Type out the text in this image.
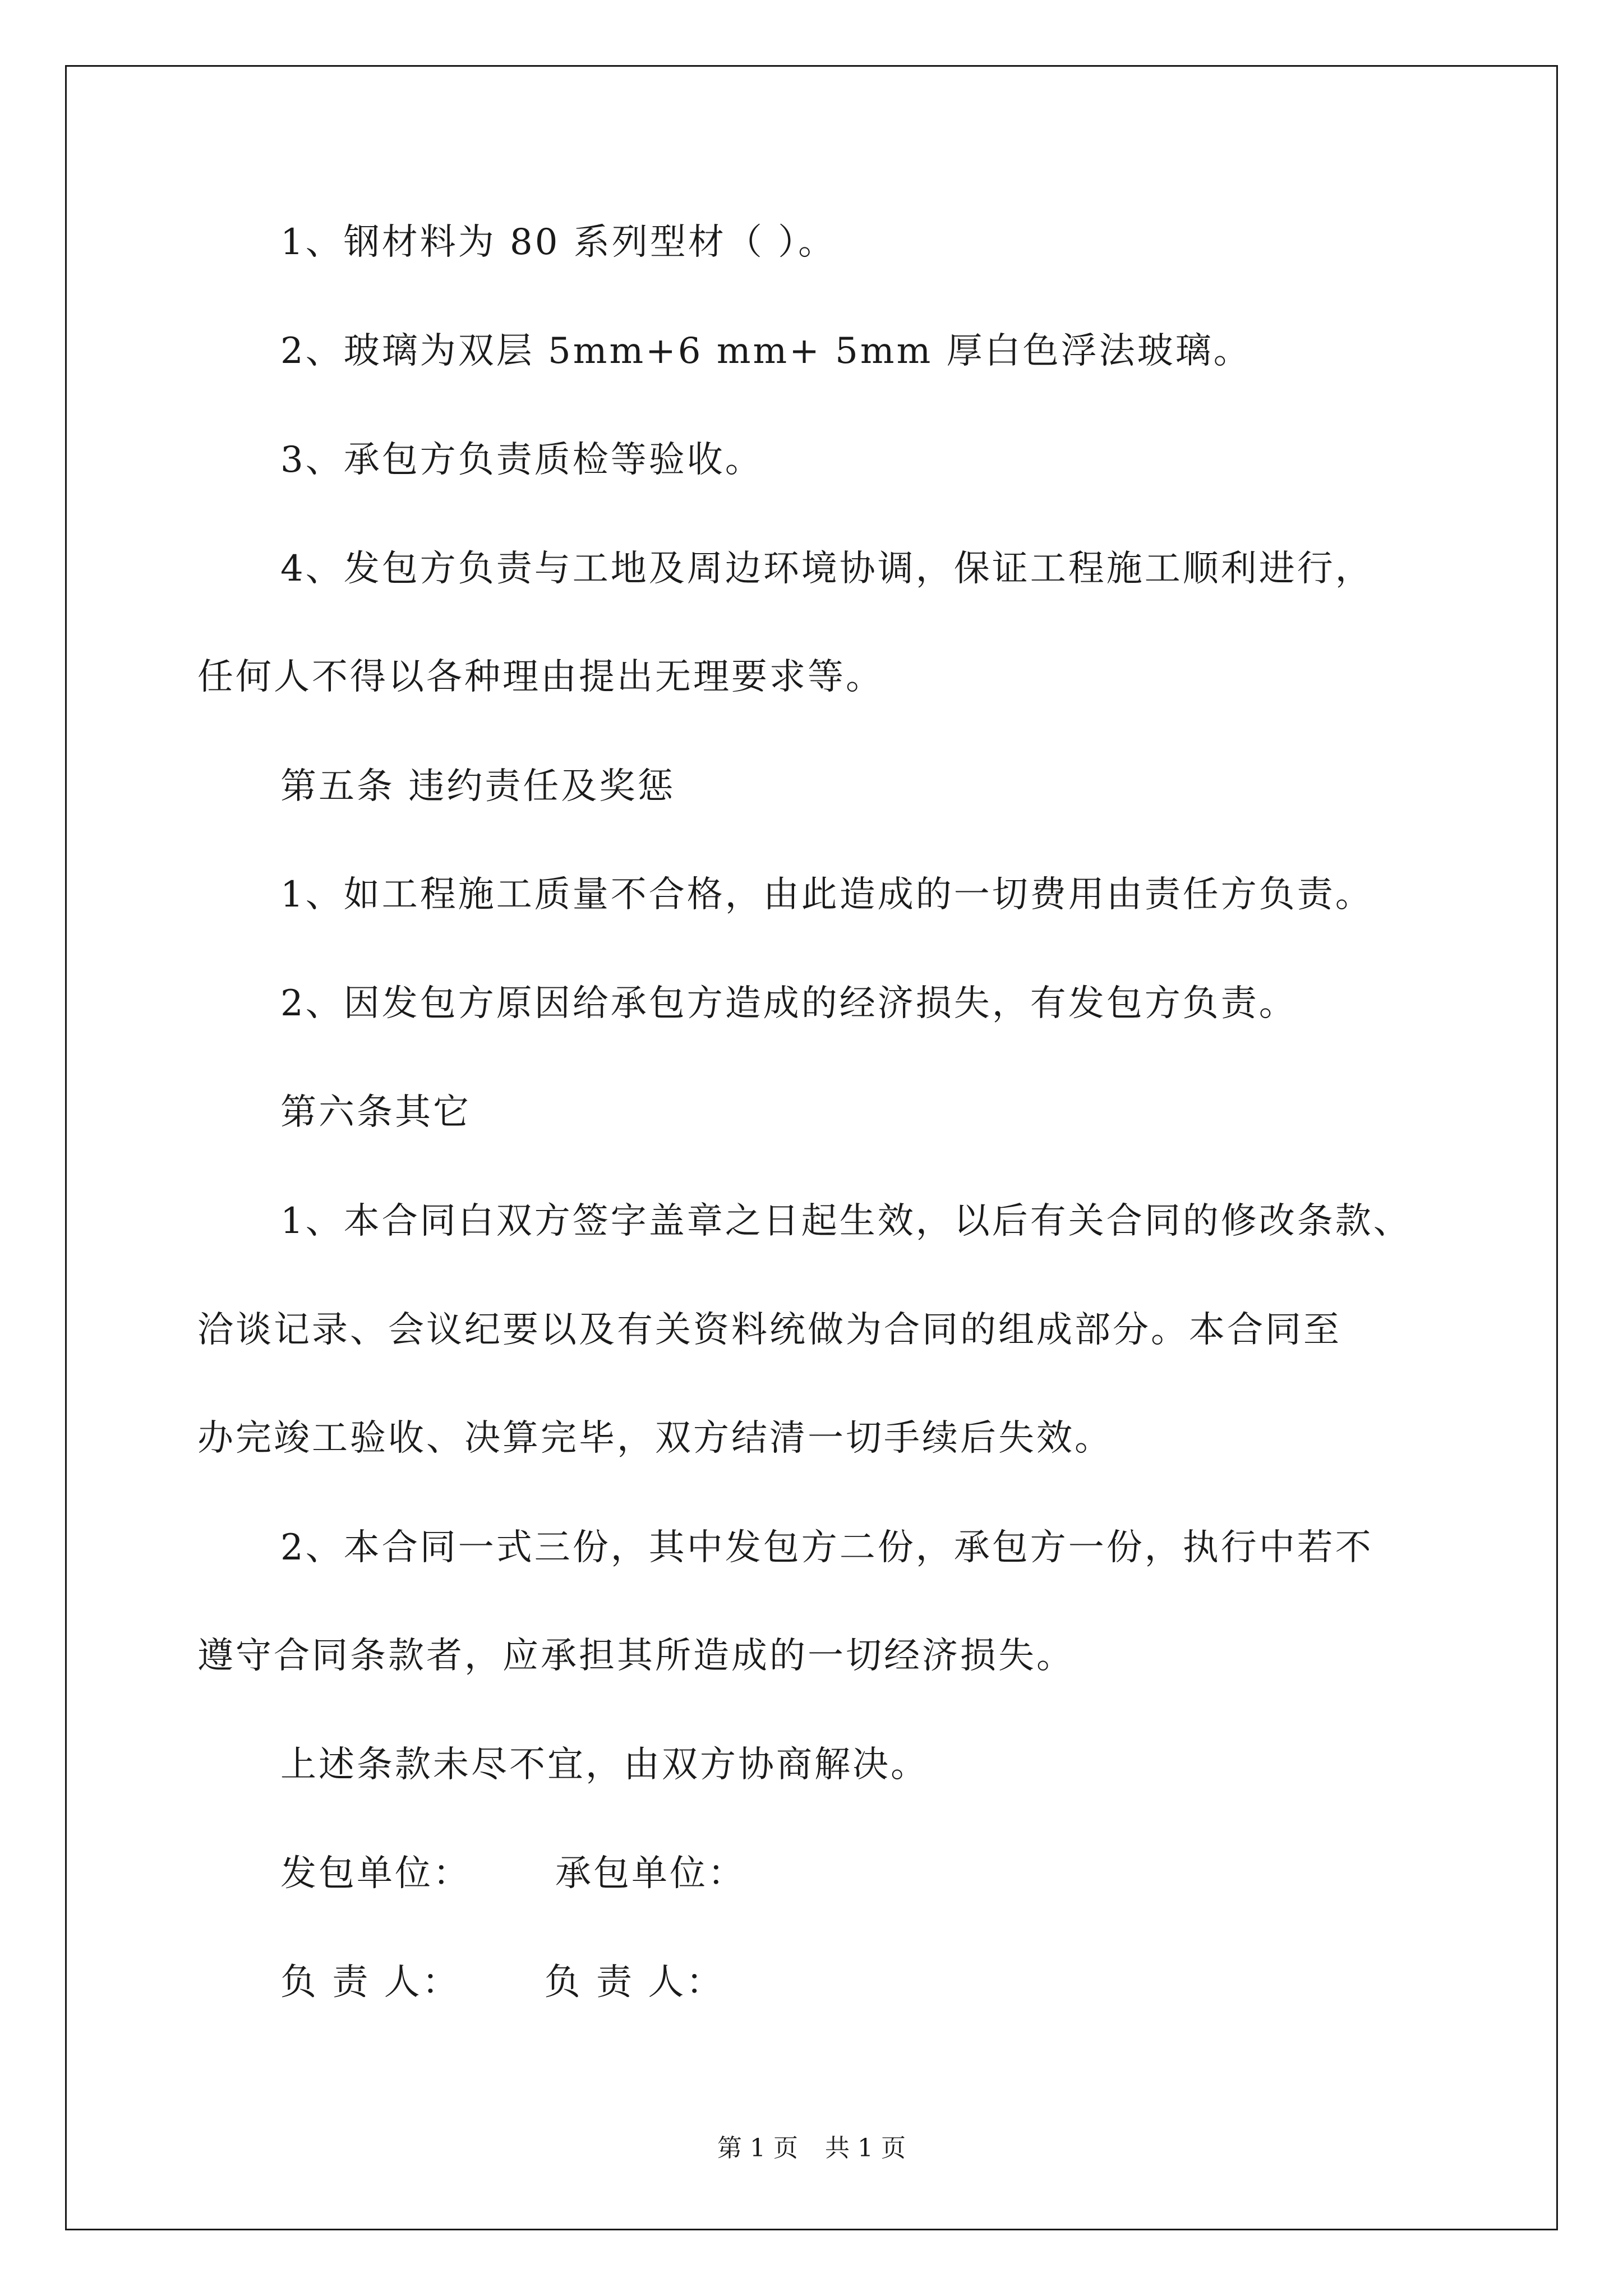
1、钢材料为 80 系列型材（ ）。
2、玻璃为双层 5mm+6 mm+ 5mm 厚白色浮法玻璃。
3、承包方负责质检等验收。
4、发包方负责与工地及周边环境协调，保证工程施工顺利进行，
任何人不得以各种理由提出无理要求等。
第五条 违约责任及奖惩
1、如工程施工质量不合格，由此造成的一切费用由责任方负责。
2、因发包方原因给承包方造成的经济损失，有发包方负责。
第六条其它
1、本合同白双方签字盖章之日起生效，以后有关合同的修改条款、
洽谈记录、会议纪要以及有关资料统做为合同的组成部分。本合同至
办完竣工验收、决算完毕，双方结清一切手续后失效。
2、本合同一式三份，其中发包方二份，承包方一份，执行中若不
遵守合同条款者，应承担其所造成的一切经济损失。
上述条款未尽不宜，由双方协商解决。
发包单位： 承包单位：
负 责 人： 负 责 人：
第 1 页 共 1 页
